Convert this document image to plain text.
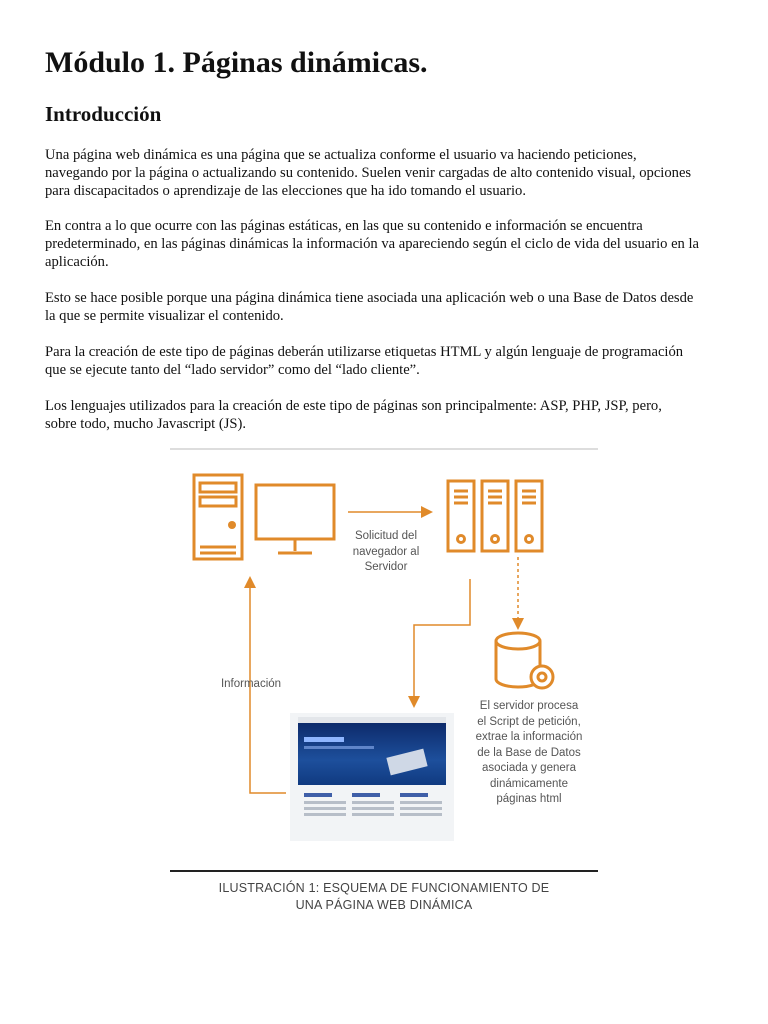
Módulo 1. Páginas dinámicas.
Introducción

Una página web dinámica es una página que se actualiza conforme el usuario va haciendo peticiones,
navegando por la página o actualizando su contenido. Suelen venir cargadas de alto contenido visual, opciones
para discapacitados o aprendizaje de las elecciones que ha ido tomando el usuario.

En contra a lo que ocurre con las páginas estáticas, en las que su contenido e información se encuentra
predeterminado, en las páginas dinámicas la información va apareciendo según el ciclo de vida del usuario en la
aplicación.

Esto se hace posible porque una página dinámica tiene asociada una aplicación web o una Base de Datos desde
la que se permite visualizar el contenido.

Para la creación de este tipo de páginas deberán utilizarse etiquetas HTML y algún lenguaje de programación
que se ejecute tanto del “lado servidor” como del “lado cliente”.

Los lenguajes utilizados para la creación de este tipo de páginas son principalmente: ASP, PHP, JSP, pero,
sobre todo, mucho Javascript (JS).

Solicitud del
navegador al
Servidor
Información
El servidor procesa
el Script de petición,
extrae la información
de la Base de Datos
asociada y genera
dinámicamente
páginas html
ILUSTRACIÓN 1: ESQUEMA DE FUNCIONAMIENTO DE
UNA PÁGINA WEB DINÁMICA
